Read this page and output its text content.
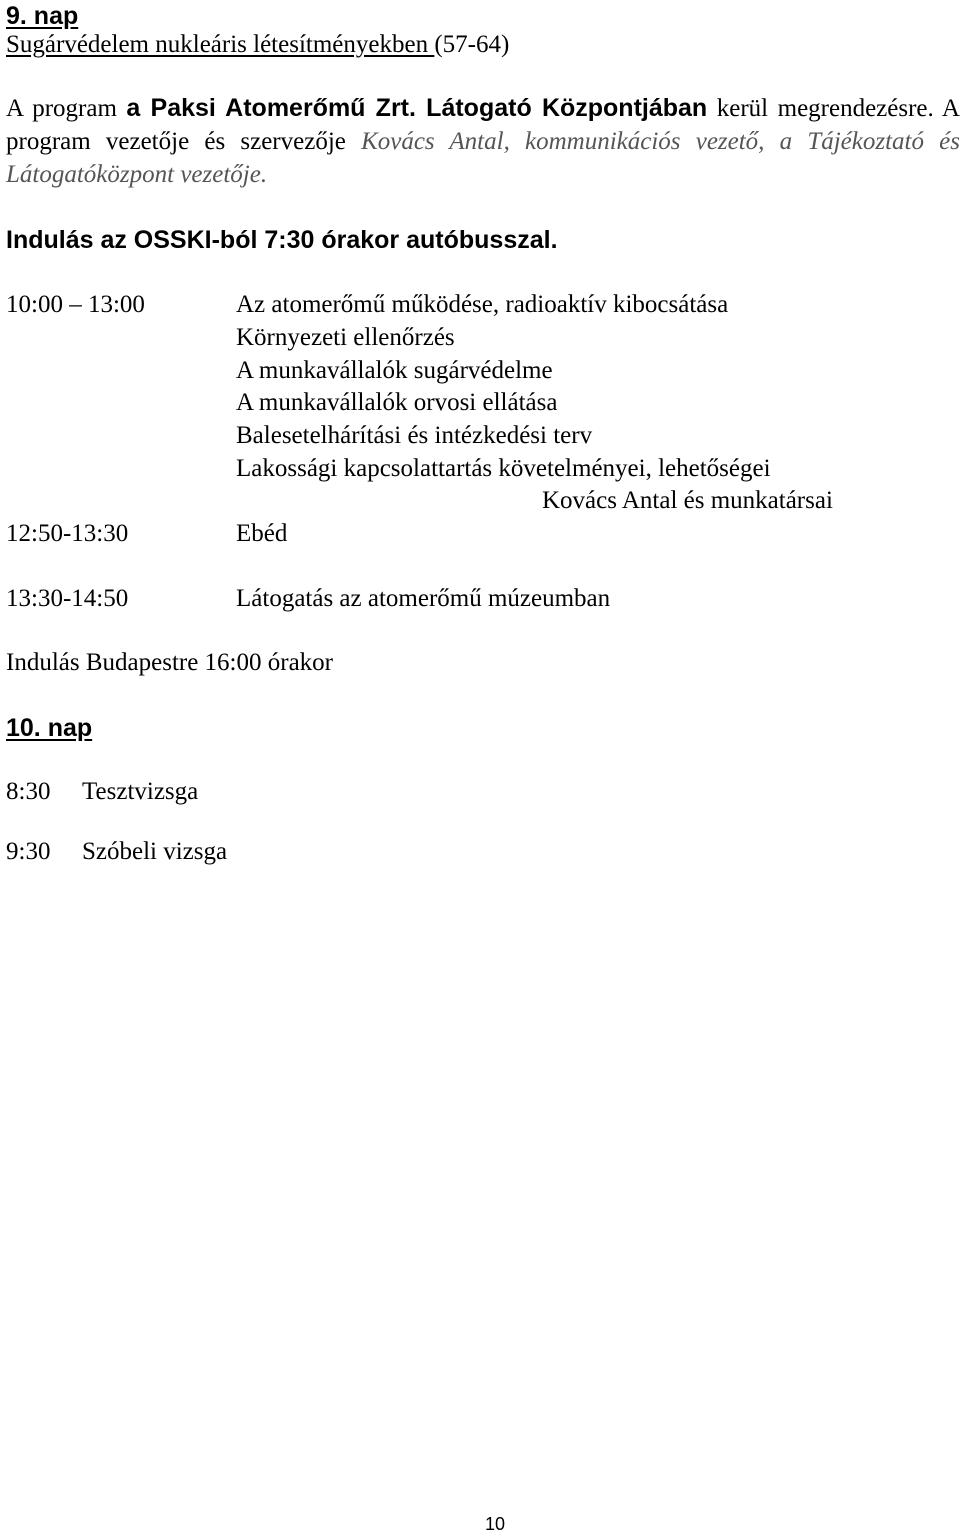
9. nap
Sugárvédelem nukleáris létesítményekben (57-64)
A program a Paksi Atomerőmű Zrt. Látogató Központjában kerül megrendezésre. A program vezetője és szervezője Kovács Antal, kommunikációs vezető, a Tájékoztató és Látogatóközpont vezetője.
Indulás az OSSKI-ból 7:30 órakor autóbusszal.
10:00 – 13:00	Az atomerőmű működése, radioaktív kibocsátása
Környezeti ellenőrzés
A munkavállalók sugárvédelme
A munkavállalók orvosi ellátása
Balesetelhárítási és intézkedési terv
Lakossági kapcsolattartás követelményei, lehetőségei
Kovács Antal és munkatársai
12:50-13:30	Ebéd
13:30-14:50	Látogatás az atomerőmű múzeumban
Indulás Budapestre 16:00 órakor
10. nap
8:30 Tesztvizsga
9:30 Szóbeli vizsga
10
